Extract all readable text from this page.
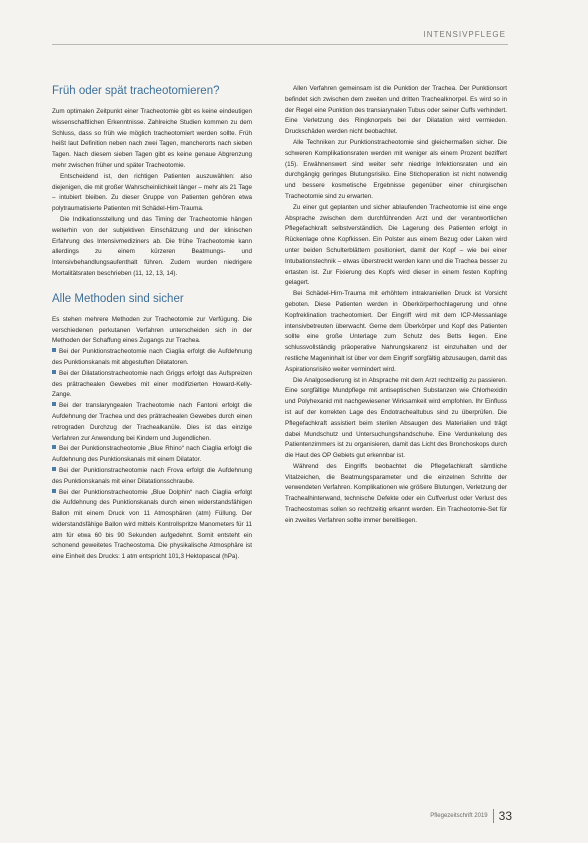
INTENSIVPFLEGE
Früh oder spät tracheotomieren?

Zum optimalen Zeitpunkt einer Tracheotomie gibt es keine eindeutigen wissenschaftlichen Erkenntnisse. Zahlreiche Studien kommen zu dem Schluss, dass so früh wie möglich tracheotomiert werden sollte. Früh heißt laut Definition neben nach zwei Tagen, mancherorts nach sieben Tagen. Nach diesem sieben Tagen gibt es keine genaue Abgrenzung mehr zwischen früher und später Tracheotomie.

Entscheidend ist, den richtigen Patienten auszuwählen: also diejenigen, die mit großer Wahrscheinlichkeit länger – mehr als 21 Tage – intubiert bleiben. Zu dieser Gruppe von Patienten gehören etwa polytraumatisierte Patienten mit Schädel-Hirn-Trauma.

Die Indikationsstellung und das Timing der Tracheotomie hängen weiterhin von der subjektiven Einschätzung und der klinischen Erfahrung des Intensivmediziners ab. Die frühe Tracheotomie kann allerdings zu einem kürzeren Beatmungs- und Intensivbehandlungsaufenthalt führen. Zudem wurden niedrigere Mortalitätsraten beschrieben (11, 12, 13, 14).

Alle Methoden sind sicher

Es stehen mehrere Methoden zur Tracheotomie zur Verfügung. Die verschiedenen perkutanen Verfahren unterscheiden sich in der Methoden der Schaffung eines Zugangs zur Trachea.

Bei der Punktionstracheotomie nach Ciaglia erfolgt die Aufdehnung des Punktionskanals mit abgestuften Dilatatoren.

Bei der Dilatationstracheotomie nach Griggs erfolgt das Aufspreizen des prätrachealen Gewebes mit einer modifizierten Howard-Kelly-Zange.

Bei der translaryngealen Tracheotomie nach Fantoni erfolgt die Aufdehnung der Trachea und des prätrachealen Gewebes durch einen retrograden Durchzug der Trachealkanüle. Dies ist das einzige Verfahren zur Anwendung bei Kindern und Jugendlichen.

Bei der Punktionstracheotomie „Blue Rhino“ nach Ciaglia erfolgt die Aufdehnung des Punktionskanals mit einem Dilatator.

Bei der Punktionstracheotomie nach Frova erfolgt die Aufdehnung des Punktionskanals mit einer Dilatationsschraube.

Bei der Punktionstracheotomie „Blue Dolphin“ nach Ciaglia erfolgt die Aufdehnung des Punktionskanals durch einen widerstandsfähigen Ballon mit einem Druck von 11 Atmosphären (atm) Füllung. Der widerstandsfähige Ballon wird mittels Kontrollspritze Manometers für 11 atm für etwa 60 bis 90 Sekunden aufgedehnt. Somit entsteht ein schonend geweitetes Tracheostoma. Die physikalische Atmosphäre ist eine Einheit des Drucks: 1 atm entspricht 101,3 Hektopascal (hPa).

Allen Verfahren gemeinsam ist die Punktion der Trachea. Der Punktionsort befindet sich zwischen dem zweiten und dritten Trachealknorpel. Es wird so in der Regel eine Punktion des transiarynalen Tubus oder seiner Cuffs verhindert. Eine Verletzung des Ringknorpels bei der Dilatation wird vermieden. Druckschäden werden nicht beobachtet.

Alle Techniken zur Punktionstracheotomie sind gleichermaßen sicher. Die schweren Komplikationsraten werden mit weniger als einem Prozent beziffert (15). Erwähnenswert sind weiter sehr niedrige Infektionsraten und ein durchgängig geringes Blutungsrisiko. Eine Stichoperation ist nicht notwendig und bessere kosmetische Ergebnisse gegenüber einer chirurgischen Tracheotomie sind zu erwarten.

Zu einer gut geplanten und sicher ablaufenden Tracheotomie ist eine enge Absprache zwischen dem durchführenden Arzt und der verantwortlichen Pflegefachkraft selbstverständlich. Die Lagerung des Patienten erfolgt in Rückenlage ohne Kopfkissen. Ein Polster aus einem Bezug oder Laken wird unter beiden Schulterblättern positioniert, damit der Kopf – wie bei einer Intubationstechnik – etwas überstreckt werden kann und die Trachea besser zu ertasten ist. Zur Fixierung des Kopfs wird dieser in einem festen Kopfring gelagert.

Bei Schädel-Hirn-Trauma mit erhöhtem intrakraniellen Druck ist Vorsicht geboten. Diese Patienten werden in Oberkörperhochlagerung und ohne Kopfreklination tracheotomiert. Der Eingriff wird mit dem ICP-Messanlage intensivbetreuten überwacht. Gerne dem Überkörper und Kopf des Patienten sollte eine große Unterlage zum Schutz des Betts liegen. Eine schlussvollständig präoperative Nahrungskarenz ist einzuhalten und der restliche Mageninhalt ist über vor dem Eingriff sorgfältig abzusaugen, damit das Aspirationsrisiko weiter vermindert wird.

Die Analgosedierung ist in Absprache mit dem Arzt rechtzeitig zu passieren. Eine sorgfältige Mundpflege mit antiseptischen Substanzen wie Chlorhexidin und Polyhexanid mit nachgewiesener Wirksamkeit wird empfohlen. Ihr Einfluss ist auf der korrekten Lage des Endotrachealtubus sind zu überprüfen. Die Pflegefachkraft assistiert beim sterilen Absaugen des Materialien und trägt dabei Mundschutz und Untersuchungshandschuhe. Eine Verdunkelung des Patientenzimmers ist zu organisieren, damit das Licht des Bronchoskops durch die Haut des OP Gebiets gut erkennbar ist.

Während des Eingriffs beobachtet die Pflegefachkraft sämtliche Vitalzeichen, die Beatmungsparameter und die einzelnen Schritte der verwendeten Verfahren. Komplikationen wie größere Blutungen, Verletzung der Trachealhinterwand, technische Defekte oder ein Cuffverlust oder Verlust des Tracheostomas sollen so rechtzeitig erkannt werden. Ein Tracheotomie-Set für ein zweites Verfahren sollte immer bereitliegen.

Pflegezeitschrift 2019 33
